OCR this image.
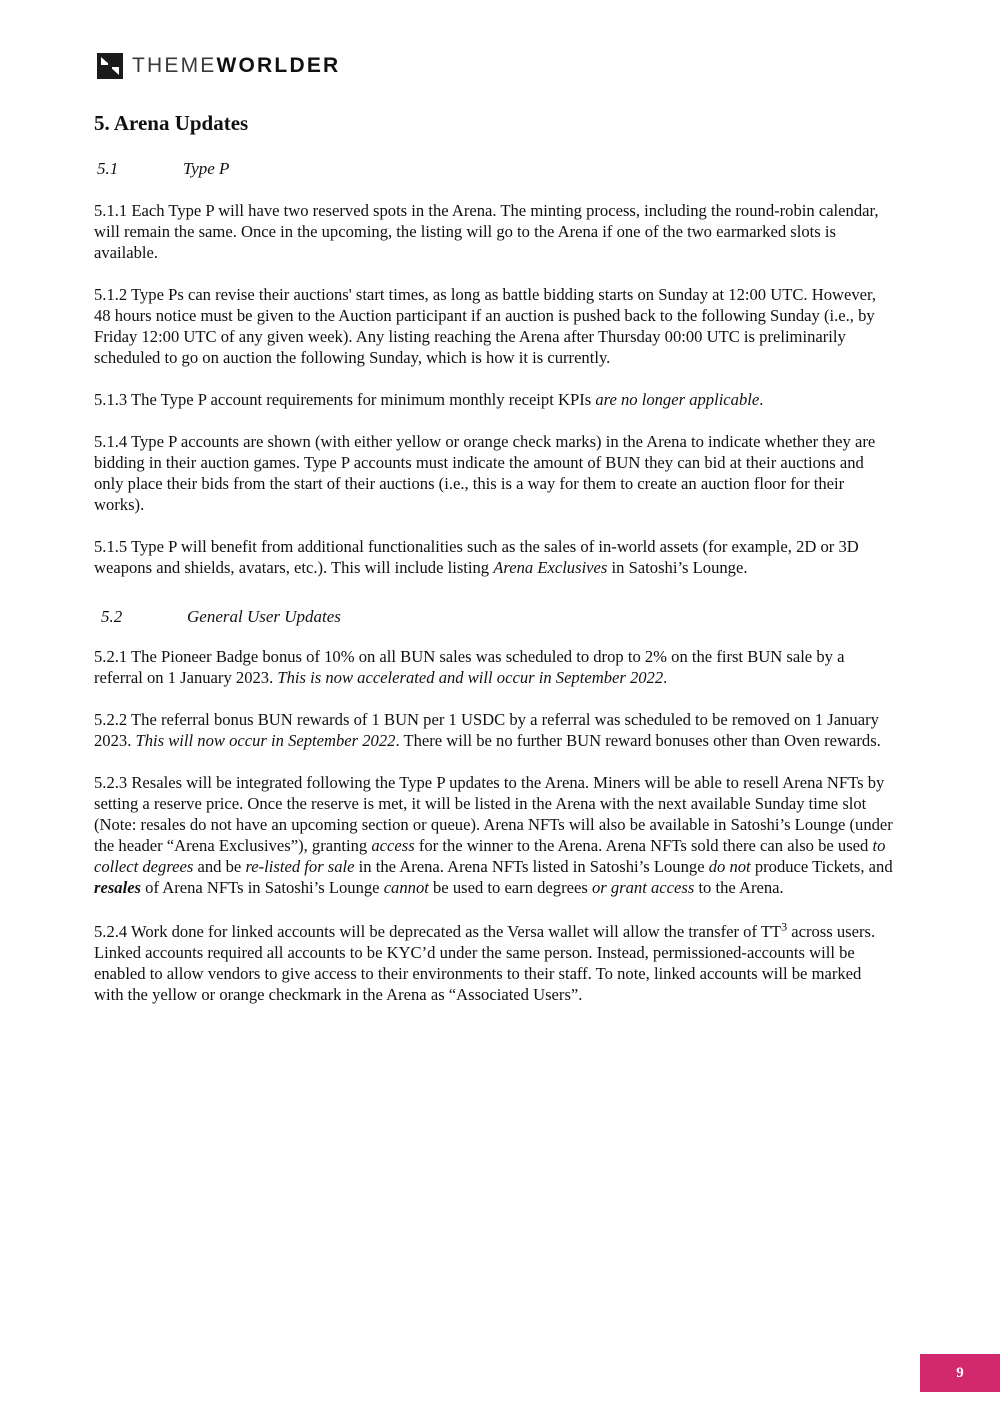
THEMEWORLDER
5. Arena Updates
5.1	Type P

5.1.1 Each Type P will have two reserved spots in the Arena. The minting process, including the round-robin calendar, will remain the same. Once in the upcoming, the listing will go to the Arena if one of the two earmarked slots is available.

5.1.2 Type Ps can revise their auctions' start times, as long as battle bidding starts on Sunday at 12:00 UTC. However, 48 hours notice must be given to the Auction participant if an auction is pushed back to the following Sunday (i.e., by Friday 12:00 UTC of any given week). Any listing reaching the Arena after Thursday 00:00 UTC is preliminarily scheduled to go on auction the following Sunday, which is how it is currently.

5.1.3 The Type P account requirements for minimum monthly receipt KPIs are no longer applicable.

5.1.4 Type P accounts are shown (with either yellow or orange check marks) in the Arena to indicate whether they are bidding in their auction games. Type P accounts must indicate the amount of BUN they can bid at their auctions and only place their bids from the start of their auctions (i.e., this is a way for them to create an auction floor for their works).

5.1.5 Type P will benefit from additional functionalities such as the sales of in-world assets (for example, 2D or 3D weapons and shields, avatars, etc.). This will include listing Arena Exclusives in Satoshi’s Lounge.

5.2	General User Updates

5.2.1 The Pioneer Badge bonus of 10% on all BUN sales was scheduled to drop to 2% on the first BUN sale by a referral on 1 January 2023. This is now accelerated and will occur in September 2022.

5.2.2 The referral bonus BUN rewards of 1 BUN per 1 USDC by a referral was scheduled to be removed on 1 January 2023. This will now occur in September 2022. There will be no further BUN reward bonuses other than Oven rewards.

5.2.3 Resales will be integrated following the Type P updates to the Arena. Miners will be able to resell Arena NFTs by setting a reserve price. Once the reserve is met, it will be listed in the Arena with the next available Sunday time slot (Note: resales do not have an upcoming section or queue). Arena NFTs will also be available in Satoshi’s Lounge (under the header “Arena Exclusives”), granting access for the winner to the Arena. Arena NFTs sold there can also be used to collect degrees and be re-listed for sale in the Arena. Arena NFTs listed in Satoshi’s Lounge do not produce Tickets, and resales of Arena NFTs in Satoshi’s Lounge cannot be used to earn degrees or grant access to the Arena.

5.2.4 Work done for linked accounts will be deprecated as the Versa wallet will allow the transfer of $TT^3$ across users. Linked accounts required all accounts to be KYC’d under the same person. Instead, permissioned-accounts will be enabled to allow vendors to give access to their environments to their staff. To note, linked accounts will be marked with the yellow or orange checkmark in the Arena as “Associated Users”.

9
